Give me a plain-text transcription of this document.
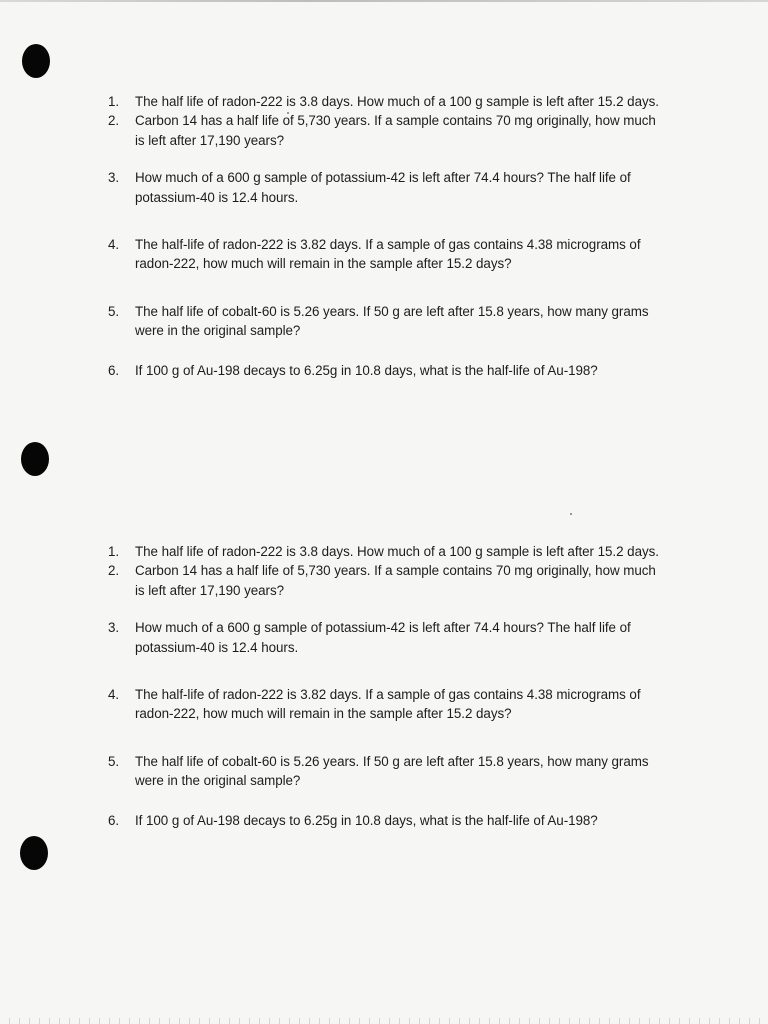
1. The half life of radon-222 is 3.8 days. How much of a 100 g sample is left after 15.2 days.
2. Carbon 14 has a half life of 5,730 years. If a sample contains 70 mg originally, how much is left after 17,190 years?
3. How much of a 600 g sample of potassium-42 is left after 74.4 hours? The half life of potassium-40 is 12.4 hours.
4. The half-life of radon-222 is 3.82 days. If a sample of gas contains 4.38 micrograms of radon-222, how much will remain in the sample after 15.2 days?
5. The half life of cobalt-60 is 5.26 years. If 50 g are left after 15.8 years, how many grams were in the original sample?
6. If 100 g of Au-198 decays to 6.25g in 10.8 days, what is the half-life of Au-198?
1. The half life of radon-222 is 3.8 days. How much of a 100 g sample is left after 15.2 days.
2. Carbon 14 has a half life of 5,730 years. If a sample contains 70 mg originally, how much is left after 17,190 years?
3. How much of a 600 g sample of potassium-42 is left after 74.4 hours? The half life of potassium-40 is 12.4 hours.
4. The half-life of radon-222 is 3.82 days. If a sample of gas contains 4.38 micrograms of radon-222, how much will remain in the sample after 15.2 days?
5. The half life of cobalt-60 is 5.26 years. If 50 g are left after 15.8 years, how many grams were in the original sample?
6. If 100 g of Au-198 decays to 6.25g in 10.8 days, what is the half-life of Au-198?
